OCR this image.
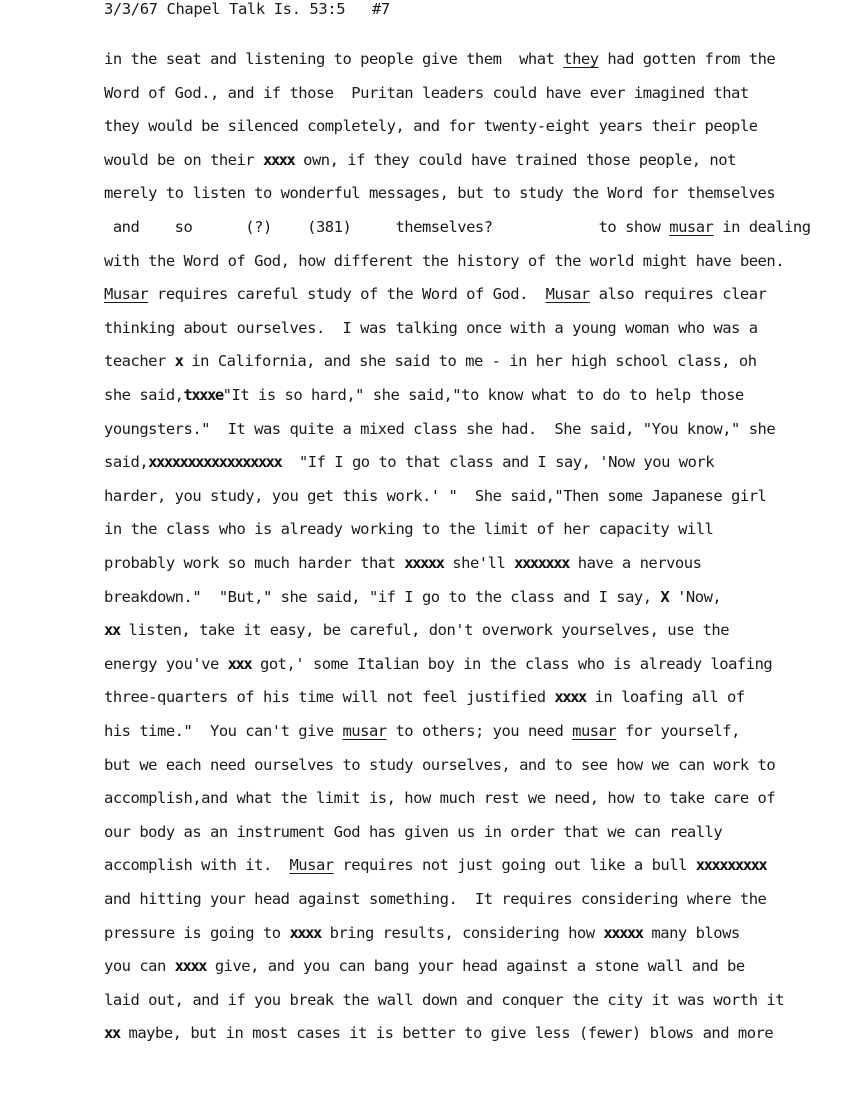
3/3/67 Chapel Talk Is. 53:5   #7
in the seat and listening to people give them  what they had gotten from the
Word of God., and if those  Puritan leaders could have ever imagined that
they would be silenced completely, and for twenty-eight years their people
would be on their xxxx own, if they could have trained those people, not
merely to listen to wonderful messages, but to study the Word for themselves
and    so      (?)    (381)     themselves?            to show musar in dealing
with the Word of God, how different the history of the world might have been.
Musar requires careful study of the Word of God.  Musar also requires clear
thinking about ourselves.  I was talking once with a young woman who was a
teacher x in California, and she said to me - in her high school class, oh
she said,txxxe"It is so hard," she said,"to know what to do to help those
youngsters."  It was quite a mixed class she had.  She said, "You know," she
said,xxxxxxxxxxxxxxxxx  "If I go to that class and I say, 'Now you work
harder, you study, you get this work.' "  She said,"Then some Japanese girl
in the class who is already working to the limit of her capacity will
probably work so much harder that xxxxx she'll xxxxxxx have a nervous
breakdown."  "But," she said, "if I go to the class and I say, X 'Now,
xx listen, take it easy, be careful, don't overwork yourselves, use the
energy you've xxx got,' some Italian boy in the class who is already loafing
three-quarters of his time will not feel justified xxxx in loafing all of
his time."  You can't give musar to others; you need musar for yourself,
but we each need ourselves to study ourselves, and to see how we can work to
accomplish,and what the limit is, how much rest we need, how to take care of
our body as an instrument God has given us in order that we can really
accomplish with it.  Musar requires not just going out like a bull xxxxxxxxx
and hitting your head against something.  It requires considering where the
pressure is going to xxxx bring results, considering how xxxxx many blows
you can xxxx give, and you can bang your head against a stone wall and be
laid out, and if you break the wall down and conquer the city it was worth it
xx maybe, but in most cases it is better to give less (fewer) blows and more
